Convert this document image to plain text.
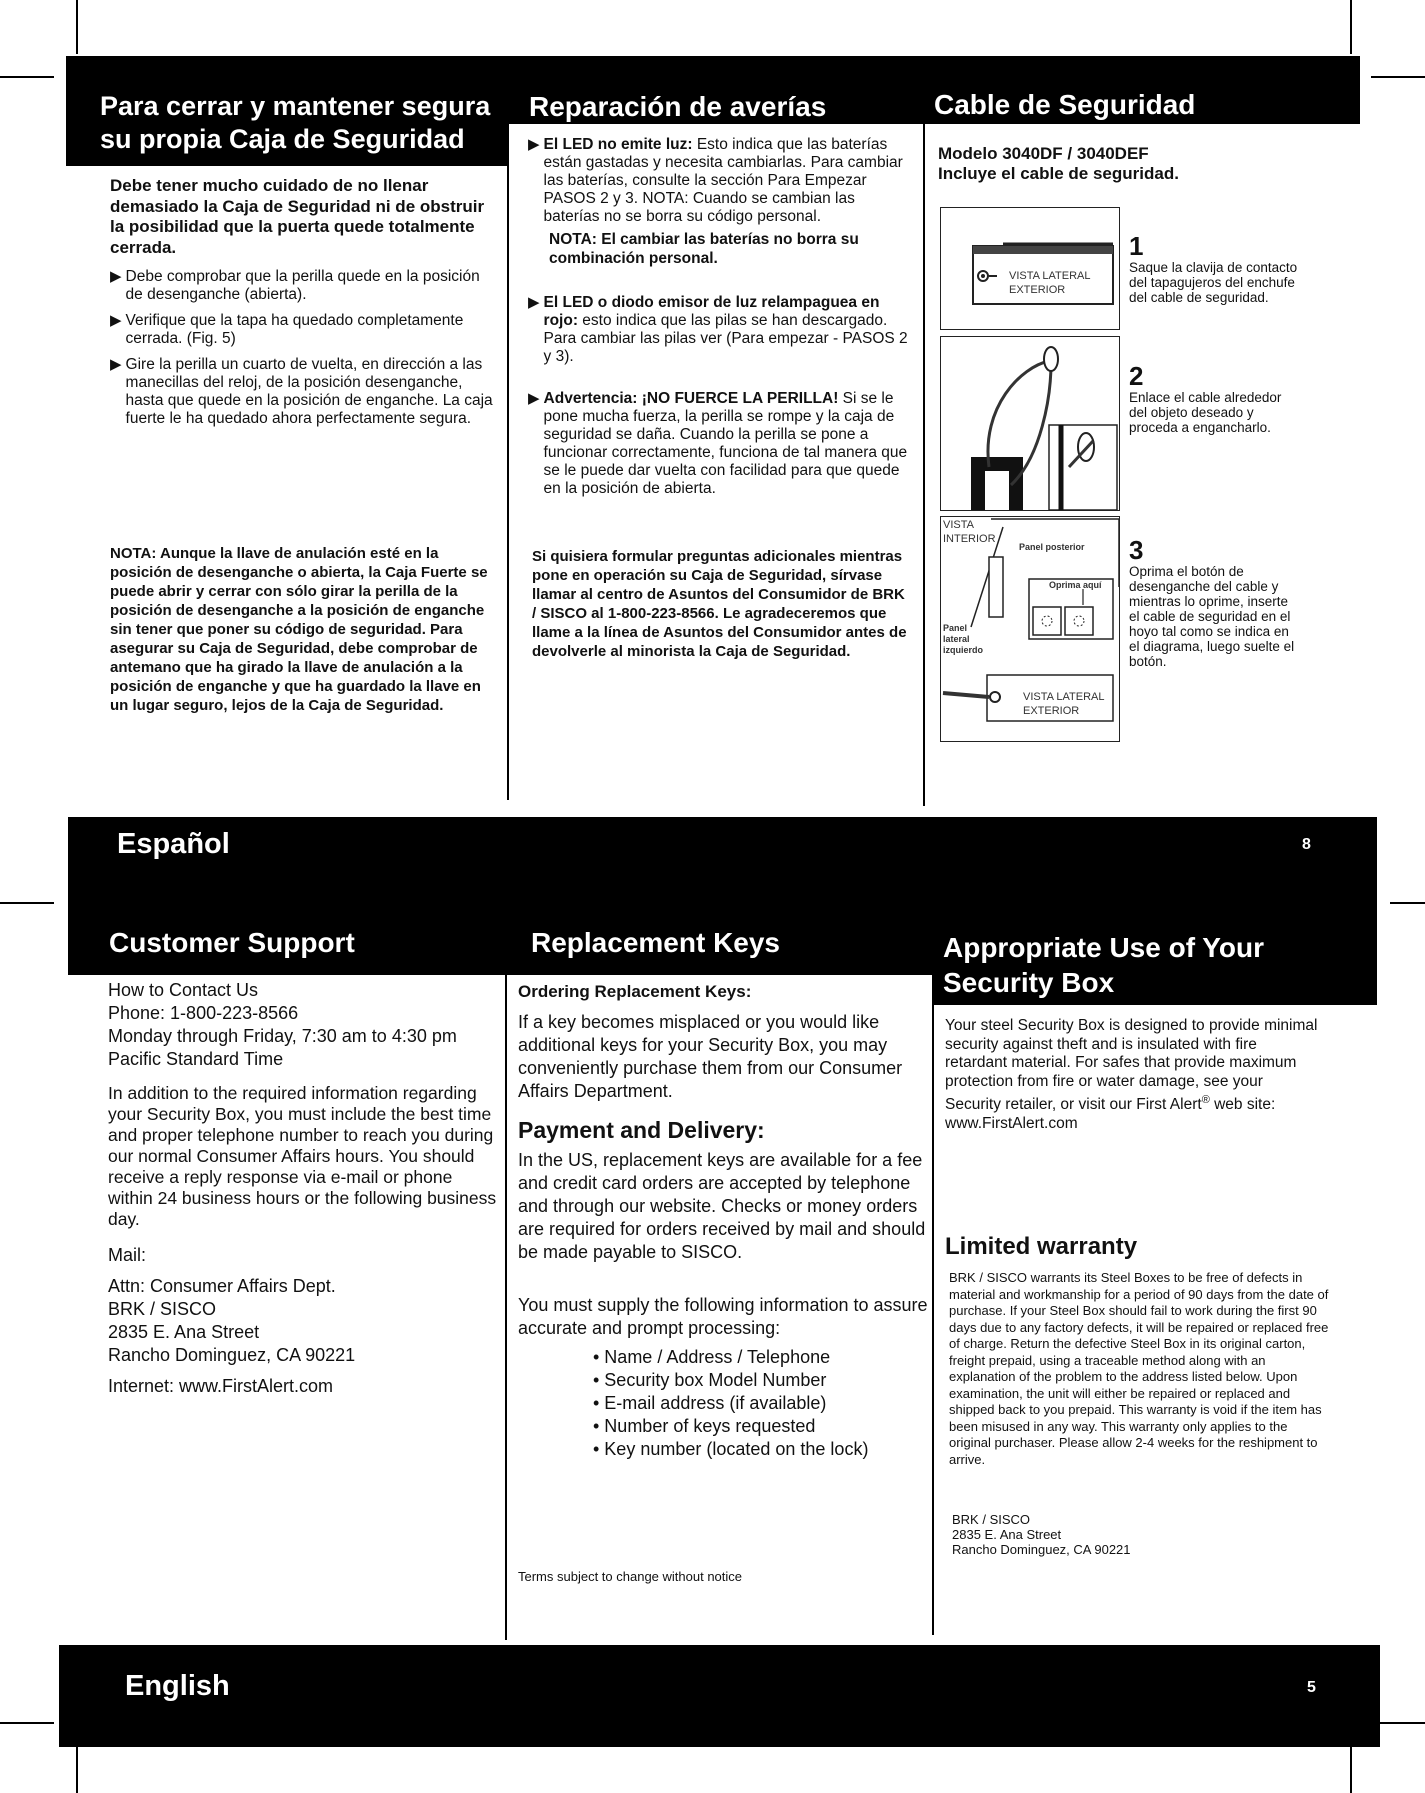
Para cerrar y mantener segura su propia Caja de Seguridad
Reparación de averías	Cable de Seguridad
Debe tener mucho cuidado de no llenar demasiado la Caja de Seguridad ni de obstruir la posibilidad que la puerta quede totalmente cerrada.
▶ Debe comprobar que la perilla quede en la posición de desenganche (abierta).
▶ Verifique que la tapa ha quedado completamente cerrada. (Fig. 5)
▶ Gire la perilla un cuarto de vuelta, en dirección a las manecillas del reloj, de la posición desenganche, hasta que quede en la posición de enganche. La caja fuerte le ha quedado ahora perfectamente segura.
NOTA: Aunque la llave de anulación esté en la posición de desenganche o abierta, la Caja Fuerte se puede abrir y cerrar con sólo girar la perilla de la posición de desenganche a la posición de enganche sin tener que poner su código de seguridad. Para asegurar su Caja de Seguridad, debe comprobar de antemano que ha girado la llave de anulación a la posición de enganche y que ha guardado la llave en un lugar seguro, lejos de la Caja de Seguridad.
▶ El LED no emite luz: Esto indica que las baterías están gastadas y necesita cambiarlas. Para cambiar las baterías, consulte la sección Para Empezar PASOS 2 y 3. NOTA: Cuando se cambian las baterías no se borra su código personal.
NOTA: El cambiar las baterías no borra su combinación personal.
▶ El LED o diodo emisor de luz relampaguea en rojo: esto indica que las pilas se han descargado. Para cambiar las pilas ver (Para empezar - PASOS 2 y 3).
▶ Advertencia: ¡NO FUERCE LA PERILLA! Si se le pone mucha fuerza, la perilla se rompe y la caja de seguridad se daña. Cuando la perilla se pone a funcionar correctamente, funciona de tal manera que se le puede dar vuelta con facilidad para que quede en la posición de abierta.
Si quisiera formular preguntas adicionales mientras pone en operación su Caja de Seguridad, sírvase llamar al centro de Asuntos del Consumidor de BRK / SISCO al 1-800-223-8566. Le agradeceremos que llame a la línea de Asuntos del Consumidor antes de devolverle al minorista la Caja de Seguridad.
Modelo 3040DF / 3040DEF
Incluye el cable de seguridad.
VISTA LATERAL
EXTERIOR
VISTA
INTERIOR
Panel posterior
Oprima aquí
Panel
lateral
izquierdo
VISTA LATERAL
EXTERIOR
1
Saque la clavija de contacto del tapagujeros del enchufe del cable de seguridad.
2
Enlace el cable alrededor del objeto deseado y proceda a engancharlo.
3
Oprima el botón de desenganche del cable y mientras lo oprime, inserte el cable de seguridad en el hoyo tal como se indica en el diagrama, luego suelte el botón.
Español	8
Customer Support	Replacement Keys	Appropriate Use of Your Security Box
How to Contact Us
Phone: 1-800-223-8566
Monday through Friday, 7:30 am to 4:30 pm
Pacific Standard Time
In addition to the required information regarding your Security Box, you must include the best time and proper telephone number to reach you during our normal Consumer Affairs hours. You should receive a reply response via e-mail or phone within 24 business hours or the following business day.
Mail:
Attn: Consumer Affairs Dept.
BRK / SISCO
2835 E. Ana Street
Rancho Dominguez, CA 90221
Internet: www.FirstAlert.com
Ordering Replacement Keys:
If a key becomes misplaced or you would like additional keys for your Security Box, you may conveniently purchase them from our Consumer Affairs Department.
Payment and Delivery:
In the US, replacement keys are available for a fee and credit card orders are accepted by telephone and through our website. Checks or money orders are required for orders received by mail and should be made payable to SISCO.
You must supply the following information to assure accurate and prompt processing:
• Name / Address / Telephone
• Security box Model Number
• E-mail address (if available)
• Number of keys requested
• Key number (located on the lock)
Terms subject to change without notice
Your steel Security Box is designed to provide minimal security against theft and is insulated with fire retardant material. For safes that provide maximum protection from fire or water damage, see your Security retailer, or visit our First Alert® web site: www.FirstAlert.com
Limited warranty
BRK / SISCO warrants its Steel Boxes to be free of defects in material and workmanship for a period of 90 days from the date of purchase. If your Steel Box should fail to work during the first 90 days due to any factory defects, it will be repaired or replaced free of charge. Return the defective Steel Box in its original carton, freight prepaid, using a traceable method along with an explanation of the problem to the address listed below. Upon examination, the unit will either be repaired or replaced and shipped back to you prepaid. This warranty is void if the item has been misused in any way. This warranty only applies to the original purchaser. Please allow 2-4 weeks for the reshipment to arrive.
BRK / SISCO
2835 E. Ana Street
Rancho Dominguez, CA 90221
English	5
